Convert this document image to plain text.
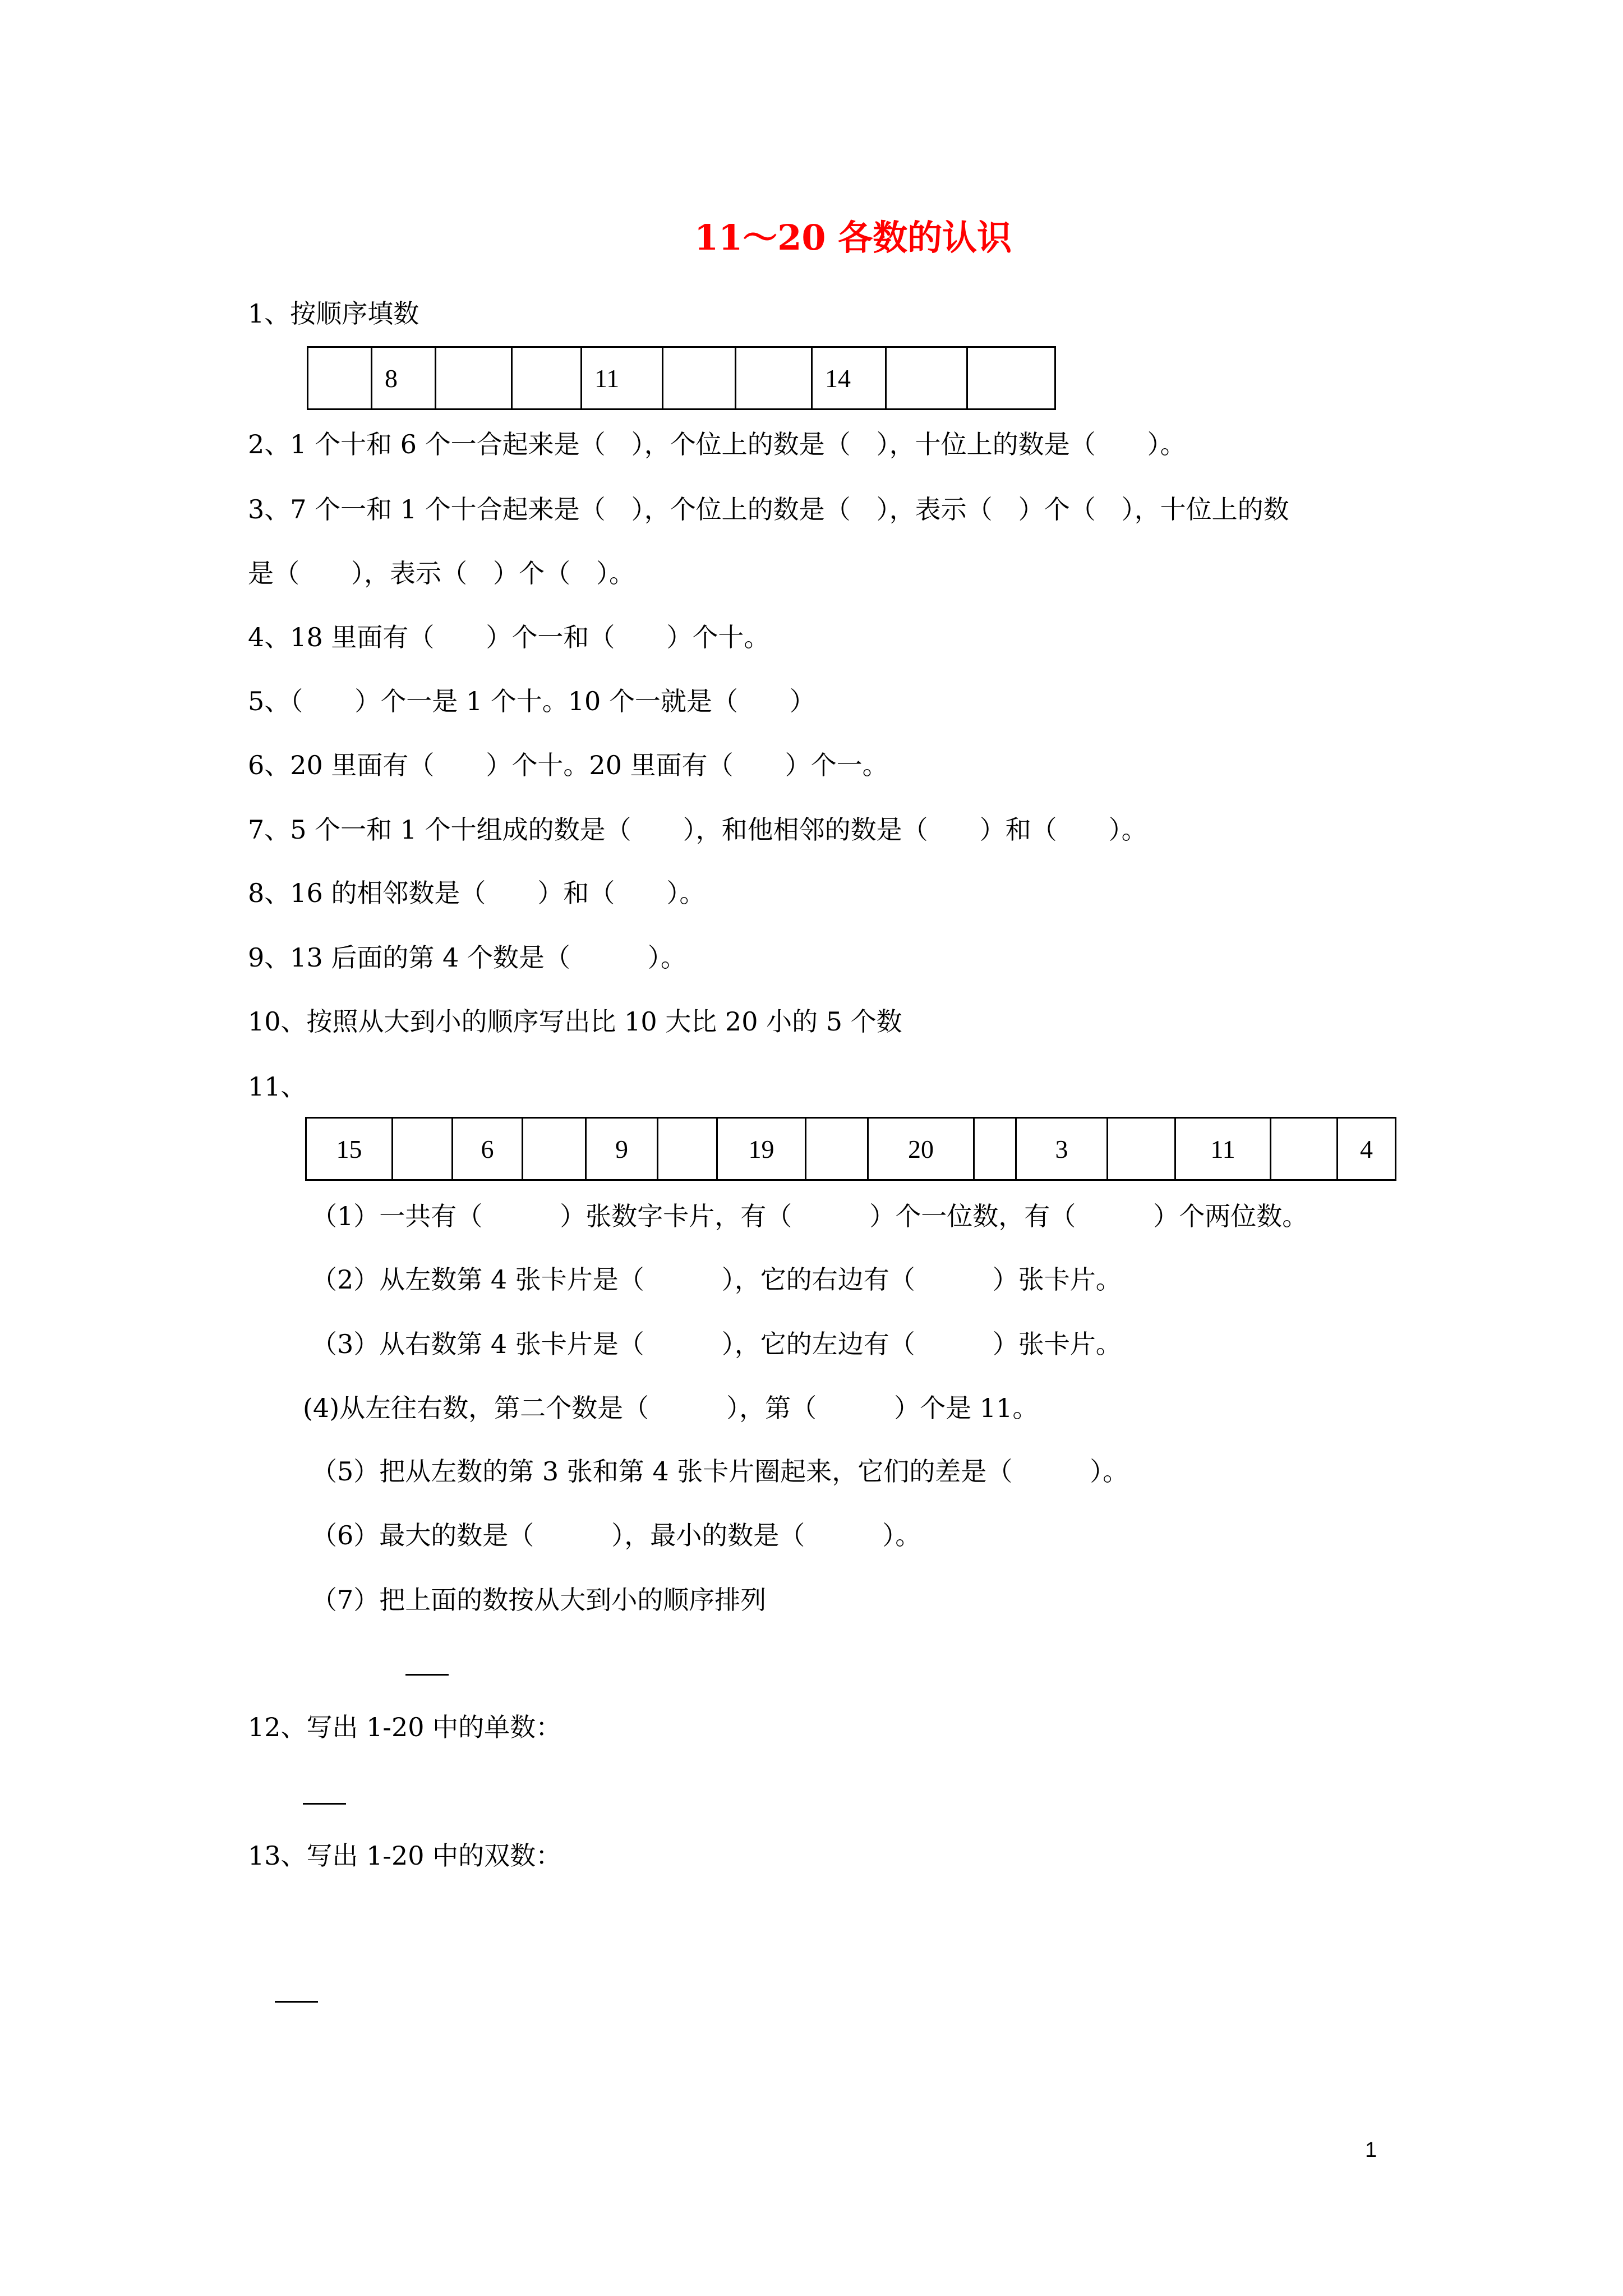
11～20 各数的认识
1、按顺序填数
	8			11			14		
2、1 个十和 6 个一合起来是（　），个位上的数是（　），十位上的数是（　　）。
3、7 个一和 1 个十合起来是（　），个位上的数是（　），表示（　）个（　），十位上的数
是（　　），表示（　）个（　）。
4、18 里面有（　　）个一和（　　）个十。
5、（　　）个一是 1 个十。10 个一就是（　　）
6、20 里面有（　　）个十。20 里面有（　　）个一。
7、5 个一和 1 个十组成的数是（　　），和他相邻的数是（　　）和（　　）。
8、16 的相邻数是（　　）和（　　）。
9、13 后面的第 4 个数是（　　　）。
10、按照从大到小的顺序写出比 10 大比 20 小的 5 个数
11、
15		6		9		19		20		3		11		4
（1）一共有（　　　）张数字卡片，有（　　　）个一位数，有（　　　）个两位数。
（2）从左数第 4 张卡片是（　　　），它的右边有（　　　）张卡片。
（3）从右数第 4 张卡片是（　　　），它的左边有（　　　）张卡片。
(4)从左往右数，第二个数是（　　　），第（　　　）个是 11。
（5）把从左数的第 3 张和第 4 张卡片圈起来，它们的差是（　　　）。
（6）最大的数是（　　　），最小的数是（　　　）。
（7）把上面的数按从大到小的顺序排列
12、写出 1-20 中的单数：
13、写出 1-20 中的双数：
1
